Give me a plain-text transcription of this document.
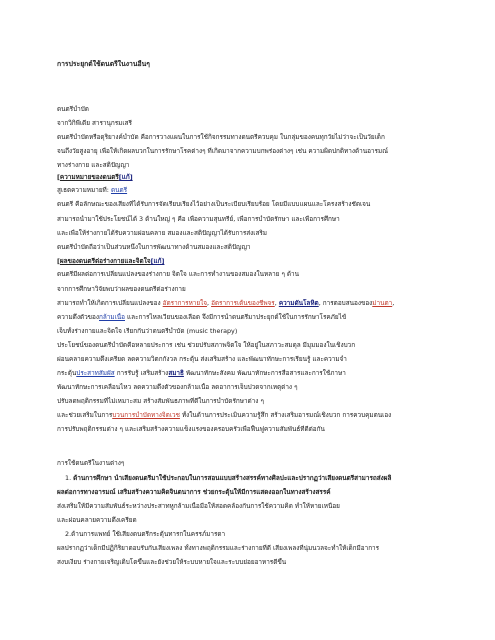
การประยุกต์ใช้ดนตรีในงานอื่นๆ
ดนตรีบำบัด
จากวิกิพีเดีย สารานุกรมเสรี
ดนตรีบำบัดหรือดุริยางค์บำบัด คือการวางแผนในการใช้กิจกรรมทางดนตรีควบคุม ในกลุ่มของคนทุกวัยไม่ว่าจะเป็นวัยเด็ก
จนถึงวัยสูงอายุ เพื่อให้เกิดผลบวกในการรักษาโรคต่างๆ ที่เกิดมาจากความบกพร่องต่างๆ เช่น ความผิดปกติทางด้านอารมณ์
ทางร่างกาย และสติปัญญา
[ความหมายของดนตรี[แก้]
สูเธตความหมายที่: ดนตรี
ดนตรี คือลักษณะของเสียงที่ได้รับการจัดเรียบเรียงไว้อย่างเป็นระเบียบเรียบร้อย โดยมีแบบแผนและโครงสร้างชัดเจน
สามารถนำมาใช้ประโยชน์ได้ 3 ด้านใหญ่ ๆ คือ เพื่อความสุนทรีย์, เพื่อการบำบัดรักษา และเพื่อการศึกษา
และเพื่อให้ร่างกายได้รับความผ่อนคลาย สมองและสติปัญญาได้รับการส่งเสริม
ดนตรีบำบัดถือว่าเป็นส่วนหนึ่งในการพัฒนาทางด้านสมองและสติปัญญา
[ผลของดนตรีต่อร่างกายและจิตใจ[แก้]
ดนตรีมีผลต่อการเปลี่ยนแปลงของร่างกาย จิตใจ และการทำงานของสมองในหลาย ๆ ด้าน
จากการศึกษาวิจัยพบว่าผลของดนตรีต่อร่างกาย
สามารถทำให้เกิดการเปลี่ยนแปลงของ อัตราการหายใจ, อัตราการเต้นของชีพจร, ความดันโลหิต, การตอบสนองของม่านตา,
ความตึงตัวของกล้ามเนื้อ และการไหลเวียนของเลือด จึงมีการนำดนตรีมาประยุกต์ใช้ในการรักษาโรคภัยไข้
เจ็บทั้งร่างกายและจิตใจ เรียกกันว่าดนตรีบำบัด (music therapy)
ประโยชน์ของดนตรีบำบัดคือหลายประการ เช่น ช่วยปรับสภาพจิตใจ ให้อยู่ในสภาวะสมดุล มีมุมมองในเชิงบวก
ผ่อนคลายความตึงเครียด ลดความวิตกกังวล กระตุ้น ส่งเสริมสร้าง และพัฒนาทักษะการเรียนรู้ และความจำ
กระตุ้นประสาทสัมผัส การรับรู้ เสริมสร้างสมาธิ พัฒนาทักษะสังคม พัฒนาทักษะการสื่อสารและการใช้ภาษา
พัฒนาทักษะการเคลื่อนไหว ลดความตึงตัวของกล้ามเนื้อ ลดอาการเจ็บปวดจากเหตุต่าง ๆ
ปรับลดพฤติกรรมที่ไม่เหมาะสม สร้างสัมพันธภาพที่ดีในการบำบัดรักษาต่าง ๆ
และช่วยเสริมในการบวนการบำบัดทางจิตเวช ทั้งในด้านการประเมินความรู้สึก สร้างเสริมอารมณ์เชิงบวก การควบคุมตนเอง
การปรับพฤติกรรมต่าง ๆ และเสริมสร้างความแข็งแรงของครอบครัวเพื่อฟื้นฟูความสัมพันธ์ที่ดีต่อกัน
การใช้ดนตรีในงานต่างๆ
1. ด้านการศึกษา นำเสียงดนตรีมาใช้ประกอบในการสอนแบบสร้างสรรค์ทางศิลปะและปรากฏว่าเสียงดนตรีสามารถส่งผลิ
ผลต่อการทางอารมณ์ เสริมสร้างความคิดจินตนาการ ช่วยกระตุ้นให้มีการแสดงออกในทางสร้างสรรค์
ส่งเสริมให้มีความสัมพันธ์ระหว่างประสาทหูกล้ามเนื้อมือให้สอดคล้องกันการใช้ความคิด ทำให้หายเหนื่อย
และผ่อนคลายความตึงเครียด
2.ด้านการแพทย์ ใช้เสียงดนตรีกระตุ้นทารกในครรภ์มารดา
ผลปรากฏว่าเด็กมีปฏิกิริยาตอบรับกับเสียงเพลง ทั้งทางพฤติกรรมและร่างกายที่ดี เสียงเพลงที่นุ่มนวลจะทำให้เด็กมีอาการ
สงบเงียบ ร่างกายเจริญเติบโตขึ้นและยังช่วยให้ระบบหายใจและระบบย่อยอาหารดีขึ้น
